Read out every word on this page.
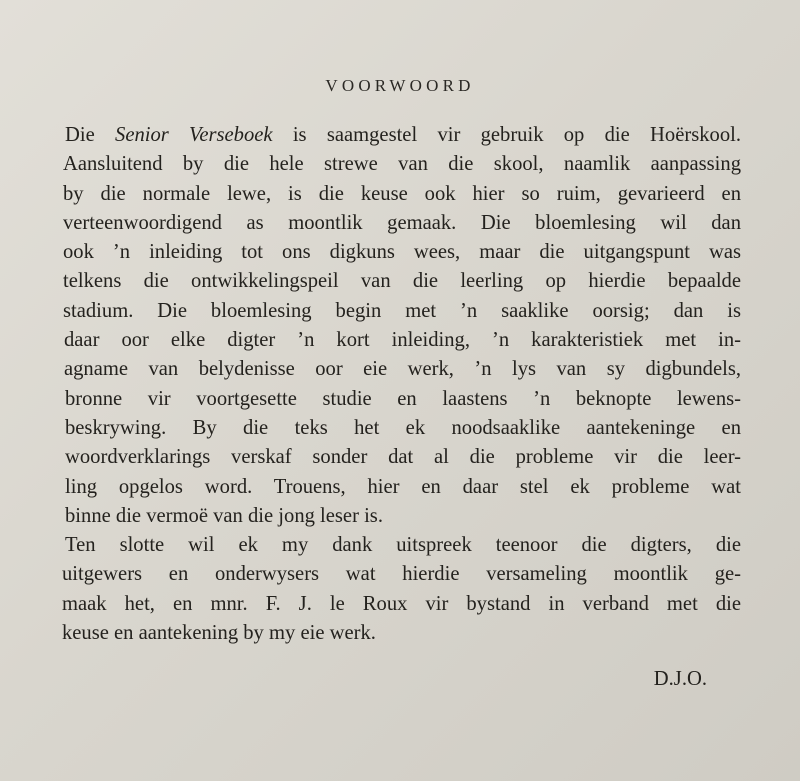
VOORWOORD
Die Senior Verseboek is saamgestel vir gebruik op die Hoërskool.
Aansluitend by die hele strewe van die skool, naamlik aanpassing
by die normale lewe, is die keuse ook hier so ruim, gevarieerd en
verteenwoordigend as moontlik gemaak. Die bloemlesing wil dan
ook ’n inleiding tot ons digkuns wees, maar die uitgangspunt was
telkens die ontwikkelingspeil van die leerling op hierdie bepaalde
stadium. Die bloemlesing begin met ’n saaklike oorsig; dan is
daar oor elke digter ’n kort inleiding, ’n karakteristiek met in-
agname van belydenisse oor eie werk, ’n lys van sy digbundels,
bronne vir voortgesette studie en laastens ’n beknopte lewens-
beskrywing. By die teks het ek noodsaaklike aantekeninge en
woordverklarings verskaf sonder dat al die probleme vir die leer-
ling opgelos word. Trouens, hier en daar stel ek probleme wat
binne die vermoë van die jong leser is.
Ten slotte wil ek my dank uitspreek teenoor die digters, die
uitgewers en onderwysers wat hierdie versameling moontlik ge-
maak het, en mnr. F. J. le Roux vir bystand in verband met die
keuse en aantekening by my eie werk.
D.J.O.
